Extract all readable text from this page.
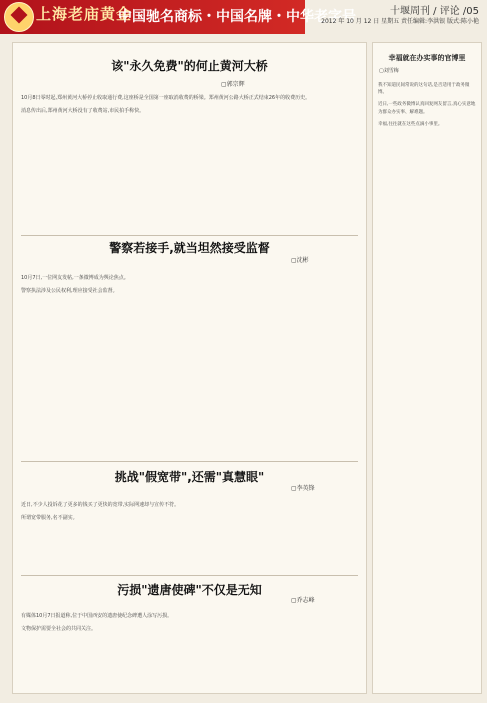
上海老庙黄金
中国驰名商标・中国名牌・中华老字号	十堰周刊 / 评论 /05
2012 年 10 月 12 日 星期五 责任编辑:李洪银 版式:陈小艳
该"永久免费"的何止黄河大桥
▢郭宗辉

10月8日零时起,郑州黄河大桥停止收取通行费,这座桥是全国第一座取消收费的桥梁。郑州黄河公路大桥正式结束26年的收费历史。

消息传出后,郑州黄河大桥没有了收费站,市民拍手称快。

警察若接手,就当坦然接受监督
▢沈彬

10月7日,一位网友发帖,一条微博成为舆论焦点。

警察执法涉及公民权利,理应接受社会监督。

挑战"假宽带",还需"真慧眼"
▢李英锋

近日,不少人投诉花了更多的钱买了更快的宽带,实际网速却与宣传不符。

所谓宽带服务,名不副实。

污损"遗唐使碑"不仅是无知
▢乔志峰

有媒体10月7日报道称,位于中国西安的遗唐使纪念碑遭人涂写污损。

文物保护需要全社会的共同关注。

幸福就在办实事的官博里
▢刘雪梅

我不知道民间常说的这句话,是否适用于政务微博。

近日,一些政务微博认真回复网友留言,真心实意地为群众办实事、解难题。

幸福,往往就在这些点滴小事里。
